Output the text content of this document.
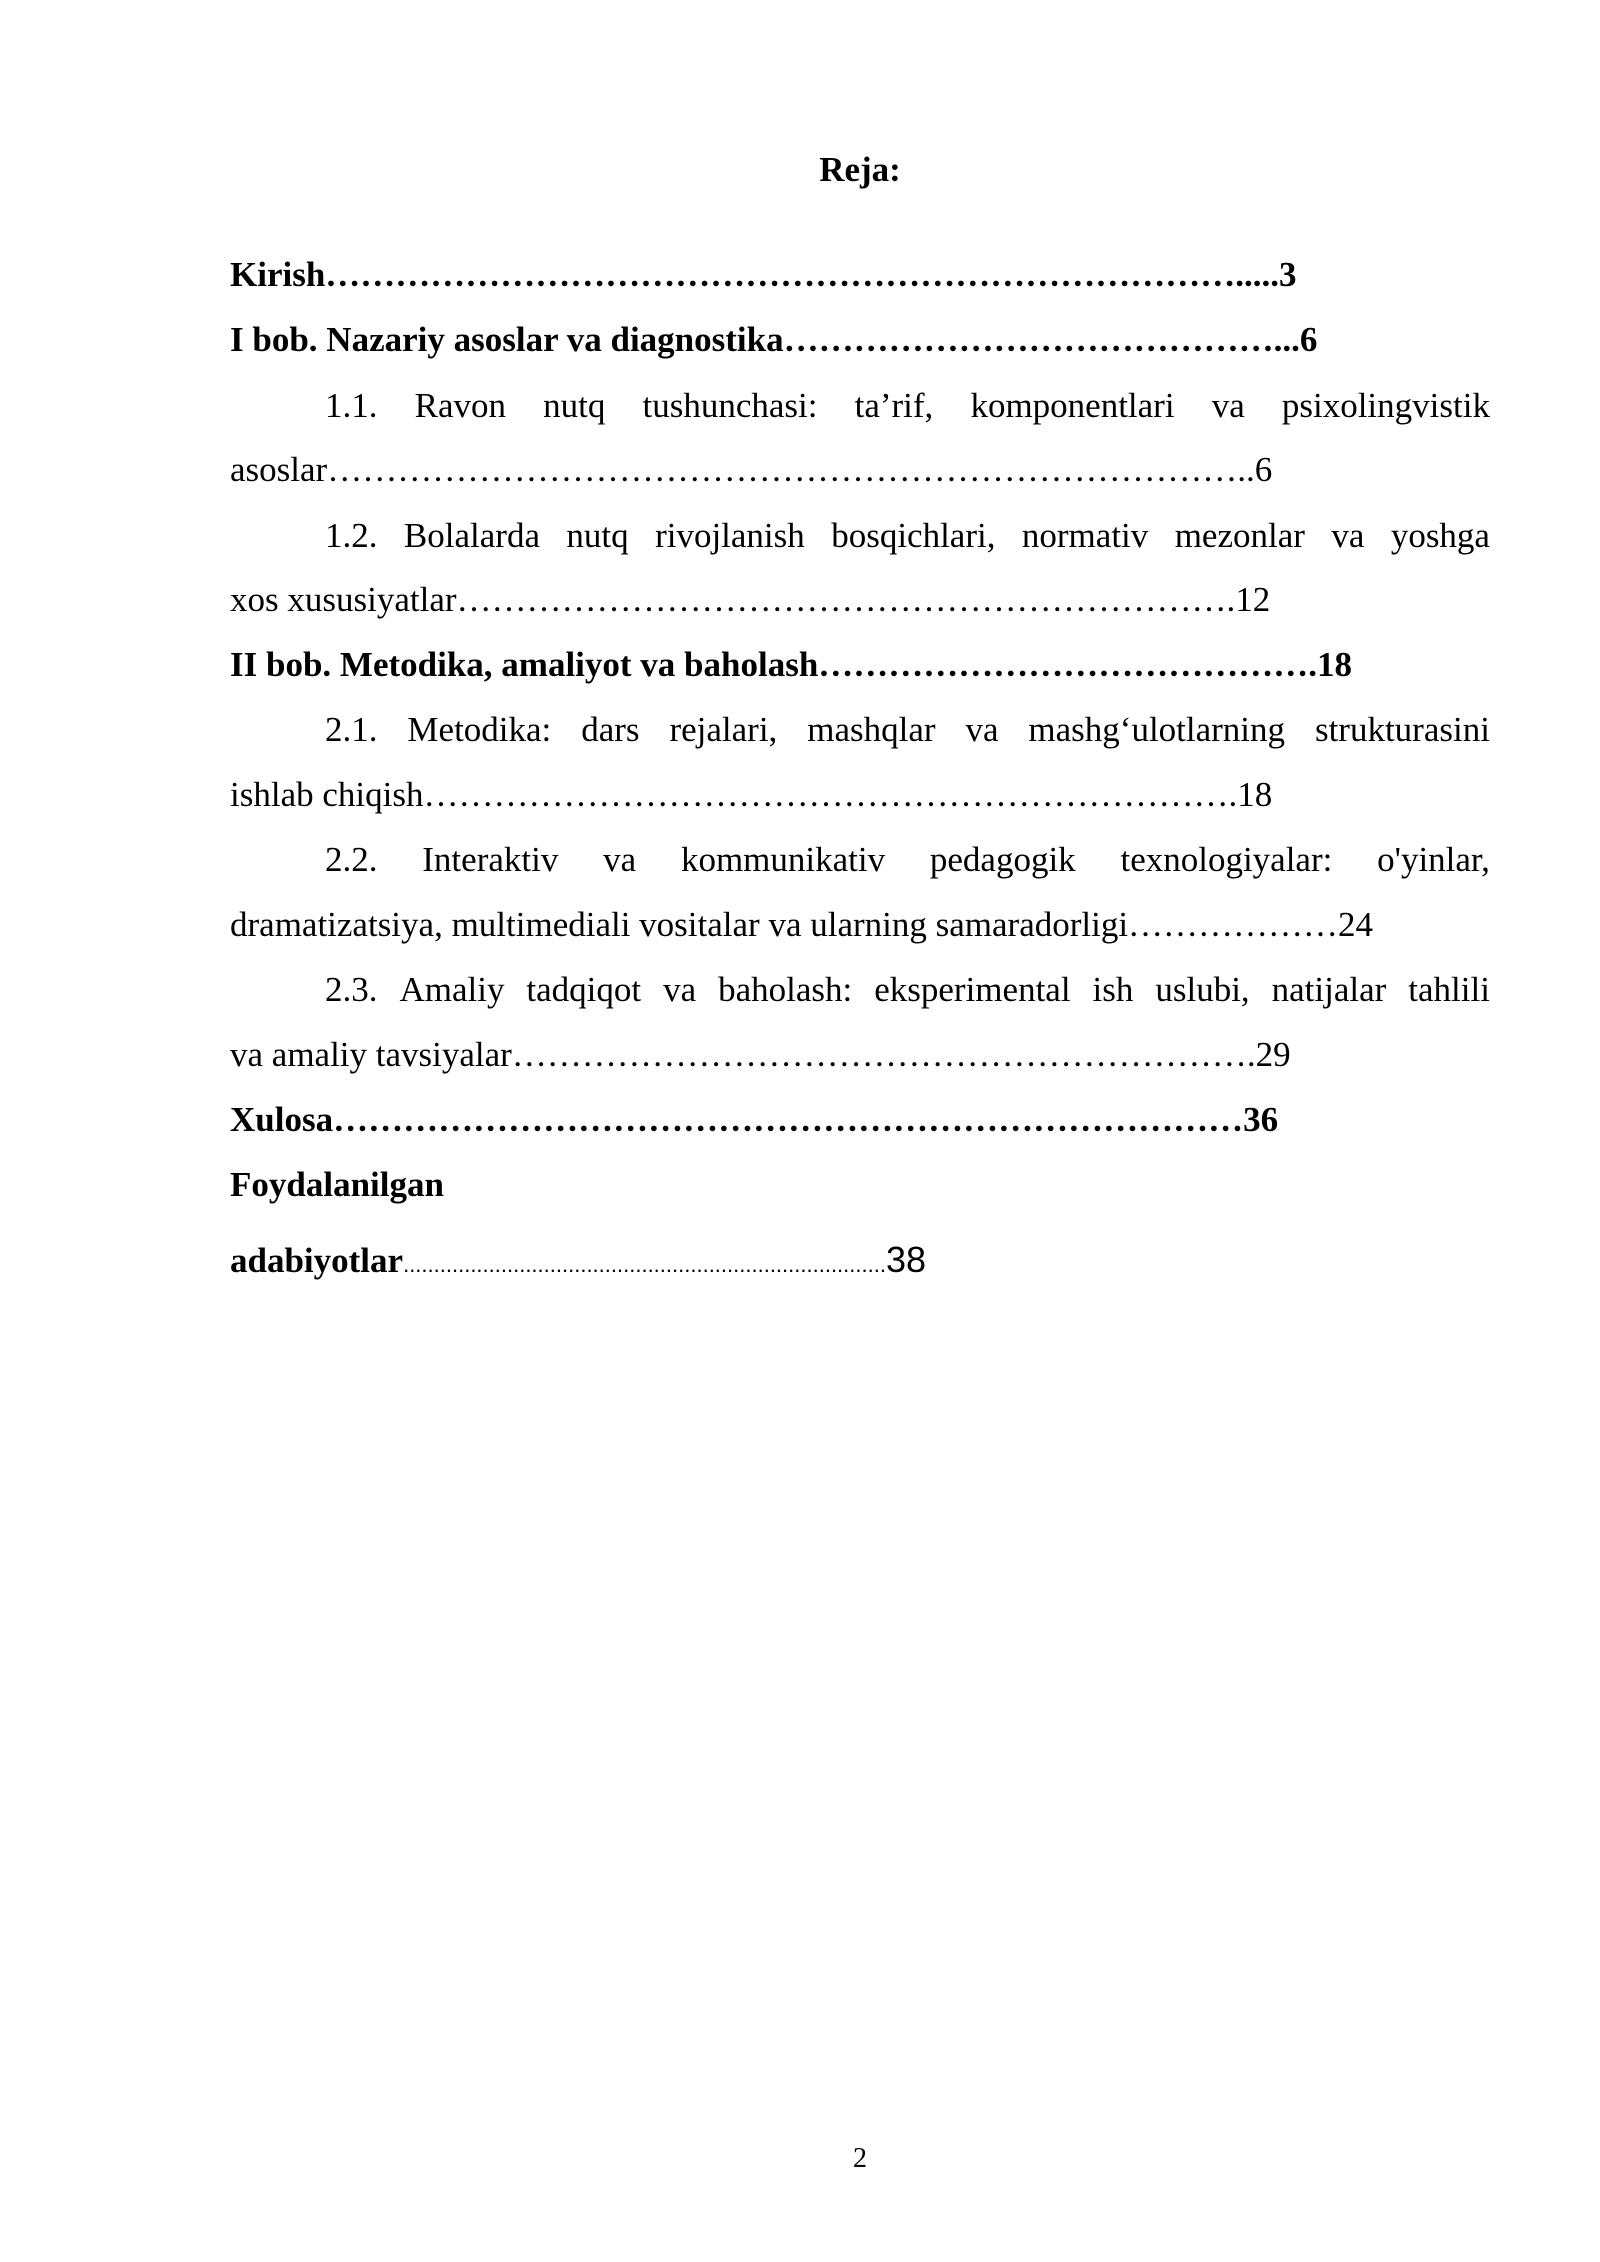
Reja:
Kirish…………………………………………………………………….....3
I bob. Nazariy asoslar va diagnostika……………………………………...6
1.1. Ravon nutq tushunchasi: ta’rif, komponentlari va psixolingvistik
asoslar……………………………………………………………………..6
1.2. Bolalarda nutq rivojlanish bosqichlari, normativ mezonlar va yoshga
xos xususiyatlar………………………………………………………….12
II bob. Metodika, amaliyot va baholash…………………………………….18
2.1. Metodika: dars rejalari, mashqlar va mashg‘ulotlarning strukturasini
ishlab chiqish…………………………………………………………….18
2.2. Interaktiv va kommunikativ pedagogik texnologiyalar: o'yinlar,
dramatizatsiya, multimediali vositalar va ularning samaradorligi………………24
2.3. Amaliy tadqiqot va baholash: eksperimental ish uslubi, natijalar tahlili
va amaliy tavsiyalar……………………………………………………….29
Xulosa……………………………………………………………………36
Foydalanilgan
adabiyotlar...............................................................................38
2
